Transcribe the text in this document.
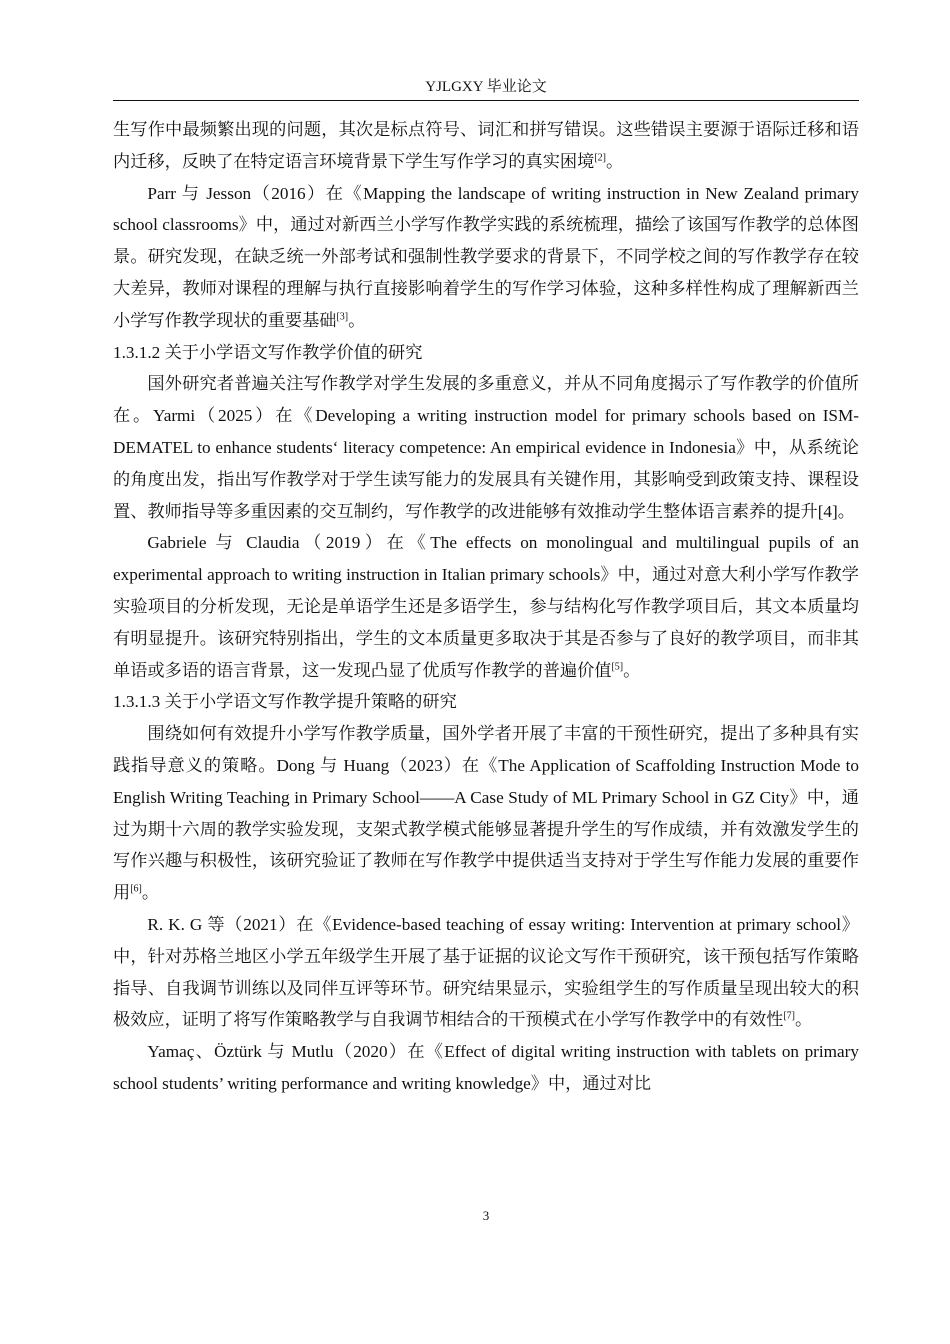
YJLGXY 毕业论文

生写作中最频繁出现的问题，其次是标点符号、词汇和拼写错误。这些错误主要源于语际迁移和语内迁移，反映了在特定语言环境背景下学生写作学习的真实困境[2]。

Parr 与 Jesson（2016）在《Mapping the landscape of writing instruction in New Zealand primary school classrooms》中，通过对新西兰小学写作教学实践的系统梳理，描绘了该国写作教学的总体图景。研究发现，在缺乏统一外部考试和强制性教学要求的背景下，不同学校之间的写作教学存在较大差异，教师对课程的理解与执行直接影响着学生的写作学习体验，这种多样性构成了理解新西兰小学写作教学现状的重要基础[3]。

1.3.1.2 关于小学语文写作教学价值的研究

国外研究者普遍关注写作教学对学生发展的多重意义，并从不同角度揭示了写作教学的价值所在。Yarmi（2025）在《Developing a writing instruction model for primary schools based on ISM-DEMATEL to enhance students‘ literacy competence: An empirical evidence in Indonesia》中，从系统论的角度出发，指出写作教学对于学生读写能力的发展具有关键作用，其影响受到政策支持、课程设置、教师指导等多重因素的交互制约，写作教学的改进能够有效推动学生整体语言素养的提升[4]。

Gabriele 与 Claudia（2019）在《The effects on monolingual and multilingual pupils of an experimental approach to writing instruction in Italian primary schools》中，通过对意大利小学写作教学实验项目的分析发现，无论是单语学生还是多语学生，参与结构化写作教学项目后，其文本质量均有明显提升。该研究特别指出，学生的文本质量更多取决于其是否参与了良好的教学项目，而非其单语或多语的语言背景，这一发现凸显了优质写作教学的普遍价值[5]。

1.3.1.3 关于小学语文写作教学提升策略的研究

围绕如何有效提升小学写作教学质量，国外学者开展了丰富的干预性研究，提出了多种具有实践指导意义的策略。Dong 与 Huang（2023）在《The Application of Scaffolding Instruction Mode to English Writing Teaching in Primary School——A Case Study of ML Primary School in GZ City》中，通过为期十六周的教学实验发现，支架式教学模式能够显著提升学生的写作成绩，并有效激发学生的写作兴趣与积极性，该研究验证了教师在写作教学中提供适当支持对于学生写作能力发展的重要作用[6]。

R. K. G 等（2021）在《Evidence-based teaching of essay writing: Intervention at primary school》中，针对苏格兰地区小学五年级学生开展了基于证据的议论文写作干预研究，该干预包括写作策略指导、自我调节训练以及同伴互评等环节。研究结果显示，实验组学生的写作质量呈现出较大的积极效应，证明了将写作策略教学与自我调节相结合的干预模式在小学写作教学中的有效性[7]。

Yamaç、Öztürk 与 Mutlu（2020）在《Effect of digital writing instruction with tablets on primary school students’ writing performance and writing knowledge》中，通过对比

3
